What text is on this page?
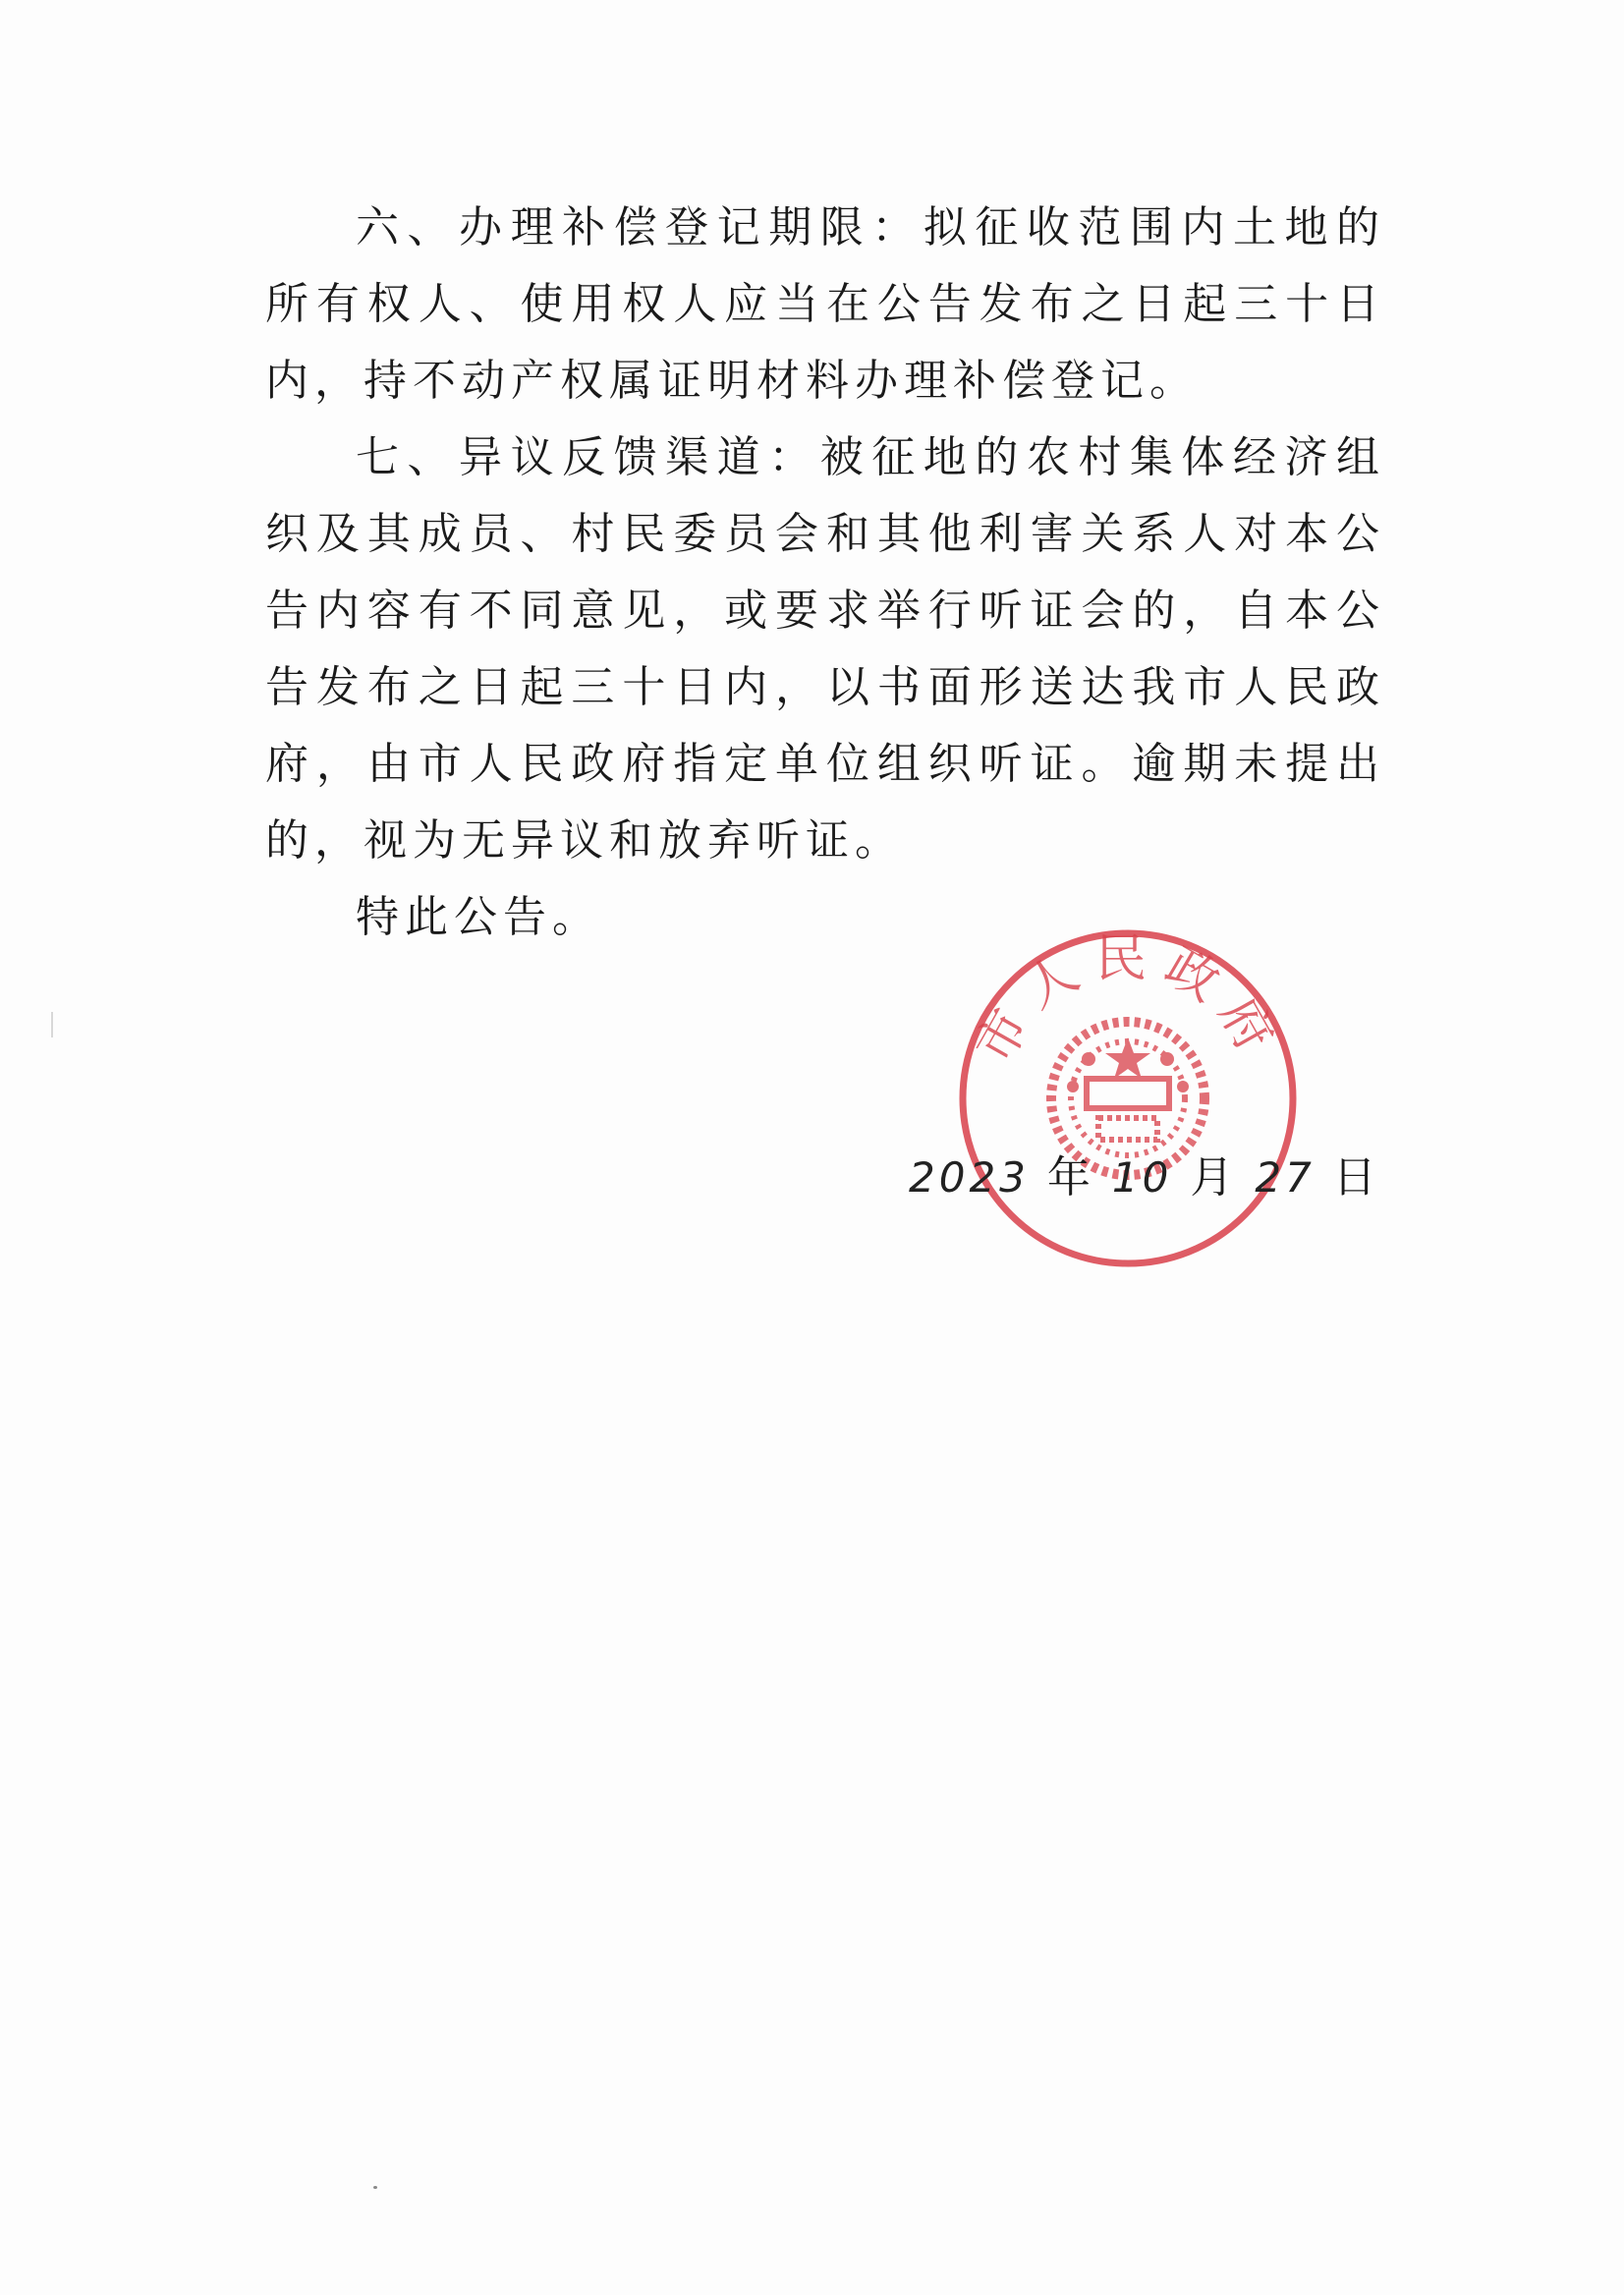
六、办理补偿登记期限：拟征收范围内土地的所有权人、使用权人应当在公告发布之日起三十日内，持不动产权属证明材料办理补偿登记。

七、异议反馈渠道：被征地的农村集体经济组织及其成员、村民委员会和其他利害关系人对本公告内容有不同意见，或要求举行听证会的，自本公告发布之日起三十日内，以书面形送达我市人民政府，由市人民政府指定单位组织听证。逾期未提出的，视为无异议和放弃听证。

特此公告。

市人民政府
2023 年 10 月 27 日
